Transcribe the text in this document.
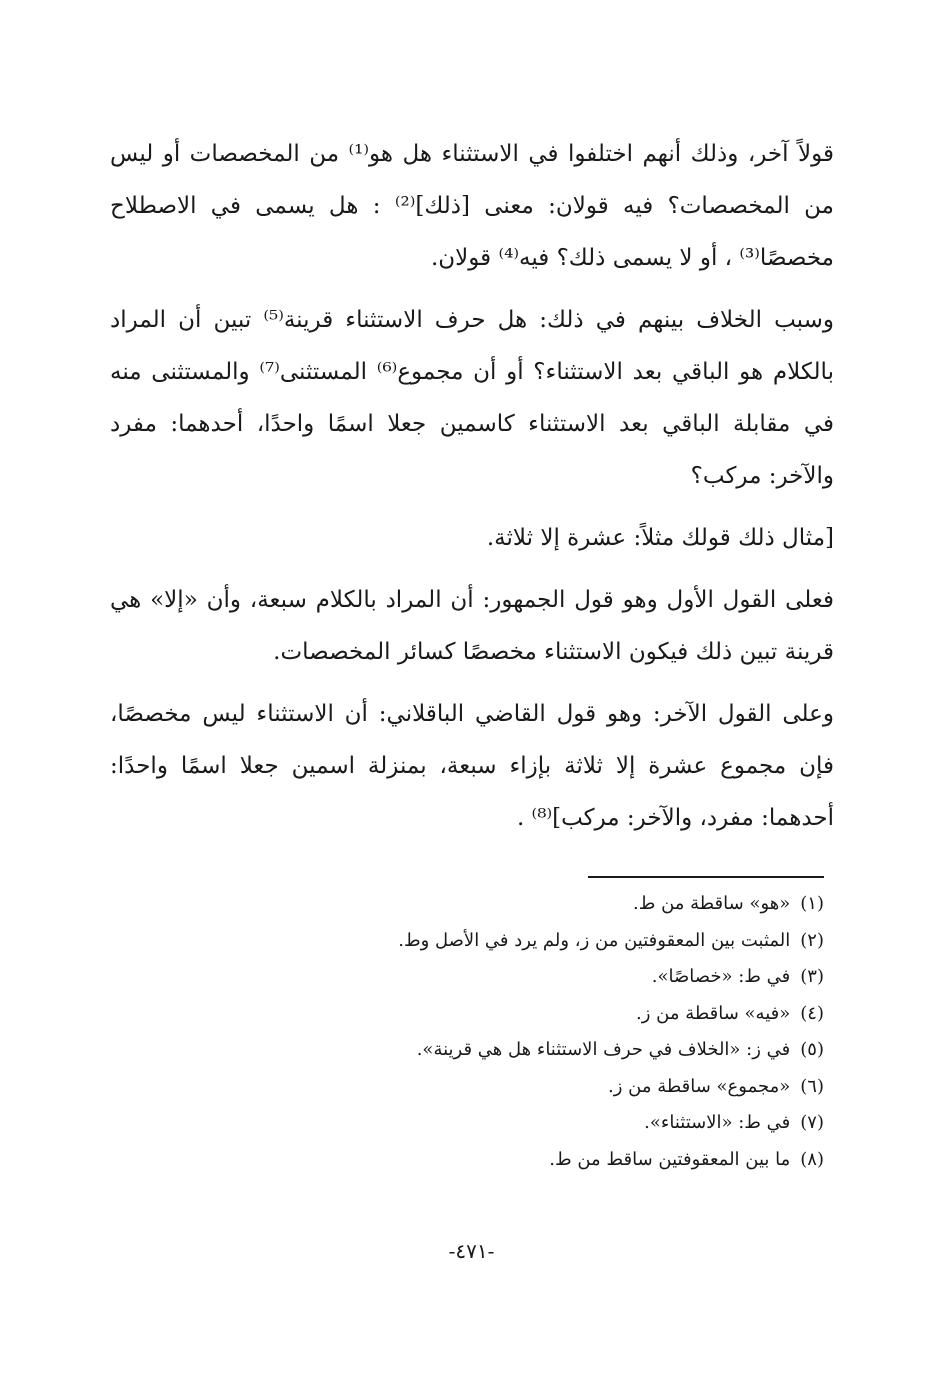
قولاً آخر، وذلك أنهم اختلفوا في الاستثناء هل هو⁽¹⁾ من المخصصات أو ليس من المخصصات؟ فيه قولان: معنى [ذلك]⁽²⁾ : هل يسمى في الاصطلاح مخصصًا⁽³⁾ ، أو لا يسمى ذلك؟ فيه⁽⁴⁾ قولان.

وسبب الخلاف بينهم في ذلك: هل حرف الاستثناء قرينة⁽⁵⁾ تبين أن المراد بالكلام هو الباقي بعد الاستثناء؟ أو أن مجموع⁽⁶⁾ المستثنى⁽⁷⁾ والمستثنى منه في مقابلة الباقي بعد الاستثناء كاسمين جعلا اسمًا واحدًا، أحدهما: مفرد والآخر: مركب؟

[مثال ذلك قولك مثلاً: عشرة إلا ثلاثة.

فعلى القول الأول وهو قول الجمهور: أن المراد بالكلام سبعة، وأن «إلا» هي قرينة تبين ذلك فيكون الاستثناء مخصصًا كسائر المخصصات.

وعلى القول الآخر: وهو قول القاضي الباقلاني: أن الاستثناء ليس مخصصًا، فإن مجموع عشرة إلا ثلاثة بإزاء سبعة، بمنزلة اسمين جعلا اسمًا واحدًا: أحدهما: مفرد، والآخر: مركب]⁽⁸⁾ .

(١)«هو» ساقطة من ط.
(٢)المثبت بين المعقوفتين من ز، ولم يرد في الأصل وط.
(٣)في ط: «خصاصًا».
(٤)«فيه» ساقطة من ز.
(٥)في ز: «الخلاف في حرف الاستثناء هل هي قرينة».
(٦)«مجموع» ساقطة من ز.
(٧)في ط: «الاستثناء».
(٨)ما بين المعقوفتين ساقط من ط.
-٤٧١-
